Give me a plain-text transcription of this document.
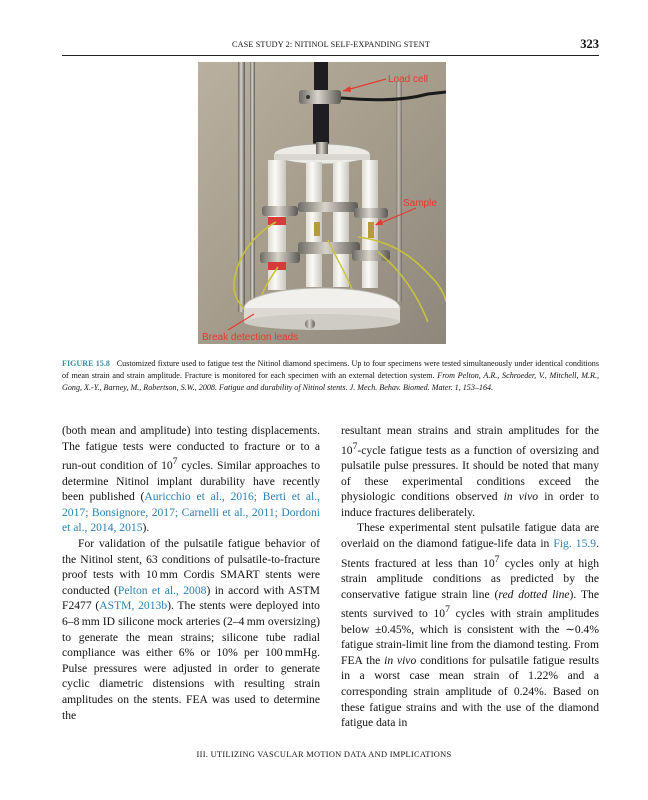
CASE STUDY 2: NITINOL SELF-EXPANDING STENT	323
Load cell
Sample
Break detection leads
FIGURE 15.8 Customized fixture used to fatigue test the Nitinol diamond specimens. Up to four specimens were tested simultaneously under identical conditions of mean strain and strain amplitude. Fracture is monitored for each specimen with an external detection system. From Pelton, A.R., Schroeder, V., Mitchell, M.R., Gong, X.-Y., Barney, M., Robertson, S.W., 2008. Fatigue and durability of Nitinol stents. J. Mech. Behav. Biomed. Mater. 1, 153–164.

(both mean and amplitude) into testing displacements. The fatigue tests were conducted to fracture or to a run-out condition of $10^7$ cycles. Similar approaches to determine Nitinol implant durability have recently been published (Auricchio et al., 2016; Berti et al., 2017; Bonsignore, 2017; Carnelli et al., 2011; Dordoni et al., 2014, 2015).

For validation of the pulsatile fatigue behavior of the Nitinol stent, 63 conditions of pulsatile-to-fracture proof tests with 10 mm Cordis SMART stents were conducted (Pelton et al., 2008) in accord with ASTM F2477 (ASTM, 2013b). The stents were deployed into 6–8 mm ID silicone mock arteries (2–4 mm oversizing) to generate the mean strains; silicone tube radial compliance was either 6% or 10% per 100 mmHg. Pulse pressures were adjusted in order to generate cyclic diametric distensions with resulting strain amplitudes on the stents. FEA was used to determine the

resultant mean strains and strain amplitudes for the $10^7$-cycle fatigue tests as a function of oversizing and pulsatile pulse pressures. It should be noted that many of these experimental conditions exceed the physiologic conditions observed in vivo in order to induce fractures deliberately.

These experimental stent pulsatile fatigue data are overlaid on the diamond fatigue-life data in Fig. 15.9. Stents fractured at less than $10^7$ cycles only at high strain amplitude conditions as predicted by the conservative fatigue strain line (red dotted line). The stents survived to $10^7$ cycles with strain amplitudes below ±0.45%, which is consistent with the ∼0.4% fatigue strain-limit line from the diamond testing. From FEA the in vivo conditions for pulsatile fatigue results in a worst case mean strain of 1.22% and a corresponding strain amplitude of 0.24%. Based on these fatigue strains and with the use of the diamond fatigue data in

III. UTILIZING VASCULAR MOTION DATA AND IMPLICATIONS
